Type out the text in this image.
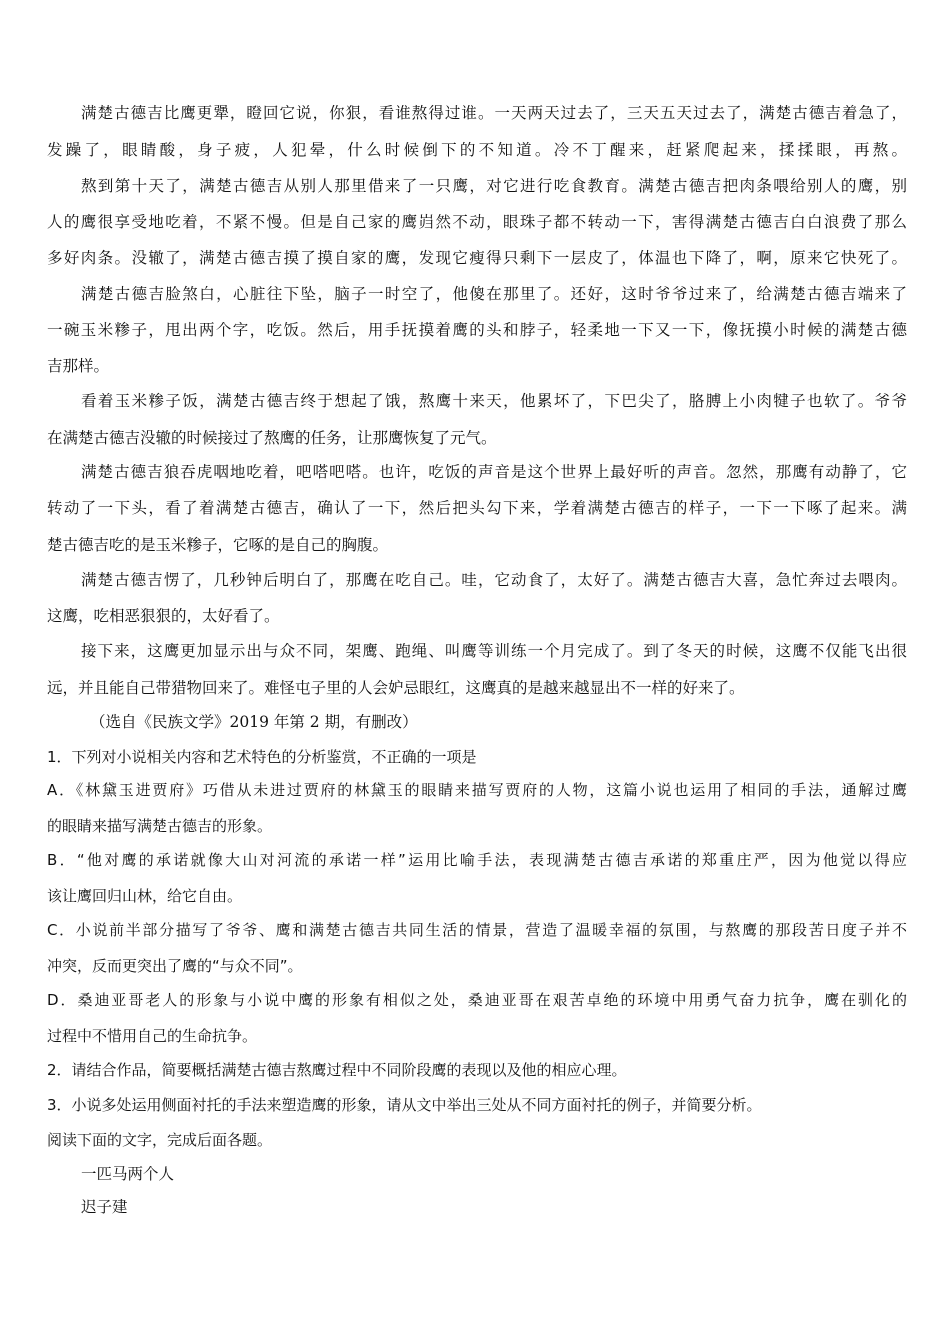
满楚古德吉比鹰更犟，瞪回它说，你狠，看谁熬得过谁。一天两天过去了，三天五天过去了，满楚古德吉着急了，
发躁了，眼睛酸，身子疲，人犯晕，什么时候倒下的不知道。冷不丁醒来，赶紧爬起来，揉揉眼，再熬。
熬到第十天了，满楚古德吉从别人那里借来了一只鹰，对它进行吃食教育。满楚古德吉把肉条喂给别人的鹰，别
人的鹰很享受地吃着，不紧不慢。但是自己家的鹰岿然不动，眼珠子都不转动一下，害得满楚古德吉白白浪费了那么
多好肉条。没辙了，满楚古德吉摸了摸自家的鹰，发现它瘦得只剩下一层皮了，体温也下降了，啊，原来它快死了。
满楚古德吉脸煞白，心脏往下坠，脑子一时空了，他傻在那里了。还好，这时爷爷过来了，给满楚古德吉端来了
一碗玉米糁子，甩出两个字，吃饭。然后，用手抚摸着鹰的头和脖子，轻柔地一下又一下，像抚摸小时候的满楚古德
吉那样。
看着玉米糁子饭，满楚古德吉终于想起了饿，熬鹰十来天，他累坏了，下巴尖了，胳膊上小肉犍子也软了。爷爷
在满楚古德吉没辙的时候接过了熬鹰的任务，让那鹰恢复了元气。
满楚古德吉狼吞虎咽地吃着，吧嗒吧嗒。也许，吃饭的声音是这个世界上最好听的声音。忽然，那鹰有动静了，它
转动了一下头，看了着满楚古德吉，确认了一下，然后把头勾下来，学着满楚古德吉的样子，一下一下啄了起来。满
楚古德吉吃的是玉米糁子，它啄的是自己的胸腹。
满楚古德吉愣了，几秒钟后明白了，那鹰在吃自己。哇，它动食了，太好了。满楚古德吉大喜，急忙奔过去喂肉。
这鹰，吃相恶狠狠的，太好看了。
接下来，这鹰更加显示出与众不同，架鹰、跑绳、叫鹰等训练一个月完成了。到了冬天的时候，这鹰不仅能飞出很
远，并且能自己带猎物回来了。难怪屯子里的人会妒忌眼红，这鹰真的是越来越显出不一样的好来了。
（选自《民族文学》2019 年第 2 期，有删改）
1．下列对小说相关内容和艺术特色的分析鉴赏，不正确的一项是
A．《林黛玉进贾府》巧借从未进过贾府的林黛玉的眼睛来描写贾府的人物，这篇小说也运用了相同的手法，通解过鹰
的眼睛来描写满楚古德吉的形象。
B．“他对鹰的承诺就像大山对河流的承诺一样”运用比喻手法，表现满楚古德吉承诺的郑重庄严，因为他觉以得应
该让鹰回归山林，给它自由。
C．小说前半部分描写了爷爷、鹰和满楚古德吉共同生活的情景，营造了温暖幸福的氛围，与熬鹰的那段苦日度子并不
冲突，反而更突出了鹰的“与众不同”。
D．桑迪亚哥老人的形象与小说中鹰的形象有相似之处，桑迪亚哥在艰苦卓绝的环境中用勇气奋力抗争，鹰在驯化的
过程中不惜用自己的生命抗争。
2．请结合作品，简要概括满楚古德吉熬鹰过程中不同阶段鹰的表现以及他的相应心理。
3．小说多处运用侧面衬托的手法来塑造鹰的形象，请从文中举出三处从不同方面衬托的例子，并简要分析。
阅读下面的文字，完成后面各题。
一匹马两个人
迟子建
